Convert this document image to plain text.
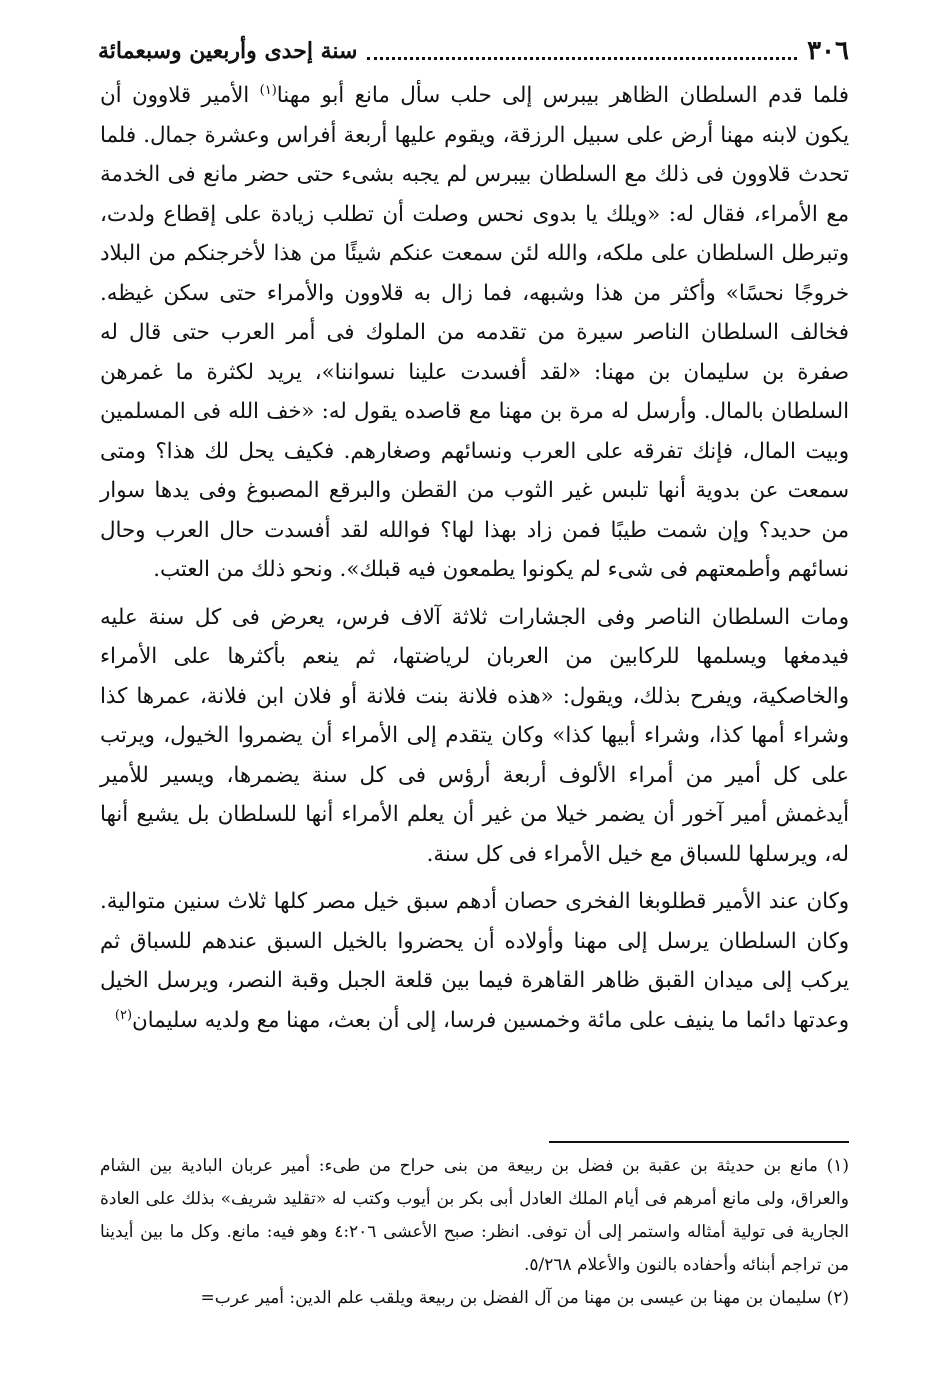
٣٠٦
سنة إحدى وأربعين وسبعمائة

فلما قدم السلطان الظاهر بيبرس إلى حلب سأل مانع أبو مهنا$^{(١)}$ الأمير قلاوون أن يكون لابنه مهنا أرض على سبيل الرزقة، ويقوم عليها أربعة أفراس وعشرة جمال. فلما تحدث قلاوون فى ذلك مع السلطان بيبرس لم يجبه بشىء حتى حضر مانع فى الخدمة مع الأمراء، فقال له: «ويلك يا بدوى نحس وصلت أن تطلب زيادة على إقطاع ولدت، وتبرطل السلطان على ملكه، والله لئن سمعت عنكم شيئًا من هذا لأخرجنكم من البلاد خروجًا نحسًا» وأكثر من هذا وشبهه، فما زال به قلاوون والأمراء حتى سكن غيظه. فخالف السلطان الناصر سيرة من تقدمه من الملوك فى أمر العرب حتى قال له صفرة بن سليمان بن مهنا: «لقد أفسدت علينا نسواننا»، يريد لكثرة ما غمرهن السلطان بالمال. وأرسل له مرة بن مهنا مع قاصده يقول له: «خف الله فى المسلمين وبيت المال، فإنك تفرقه على العرب ونسائهم وصغارهم. فكيف يحل لك هذا؟ ومتى سمعت عن بدوية أنها تلبس غير الثوب من القطن والبرقع المصبوغ وفى يدها سوار من حديد؟ وإن شمت طيبًا فمن زاد بهذا لها؟ فوالله لقد أفسدت حال العرب وحال نسائهم وأطمعتهم فى شىء لم يكونوا يطمعون فيه قبلك». ونحو ذلك من العتب.

ومات السلطان الناصر وفى الجشارات ثلاثة آلاف فرس، يعرض فى كل سنة عليه فيدمغها ويسلمها للركابين من العربان لرياضتها، ثم ينعم بأكثرها على الأمراء والخاصكية، ويفرح بذلك، ويقول: «هذه فلانة بنت فلانة أو فلان ابن فلانة، عمرها كذا وشراء أمها كذا، وشراء أبيها كذا» وكان يتقدم إلى الأمراء أن يضمروا الخيول، ويرتب على كل أمير من أمراء الألوف أربعة أرؤس فى كل سنة يضمرها، ويسير للأمير أيدغمش أمير آخور أن يضمر خيلا من غير أن يعلم الأمراء أنها للسلطان بل يشيع أنها له، ويرسلها للسباق مع خيل الأمراء فى كل سنة.

وكان عند الأمير قطلوبغا الفخرى حصان أدهم سبق خيل مصر كلها ثلاث سنين متوالية. وكان السلطان يرسل إلى مهنا وأولاده أن يحضروا بالخيل السبق عندهم للسباق ثم يركب إلى ميدان القبق ظاهر القاهرة فيما بين قلعة الجبل وقبة النصر، ويرسل الخيل وعدتها دائما ما ينيف على مائة وخمسين فرسا، إلى أن بعث، مهنا مع ولديه سليمان$^{(٢)}$

(١) مانع بن حديثة بن عقبة بن فضل بن ربيعة من بنى حراح من طىء: أمير عربان البادية بين الشام والعراق، ولى مانع أمرهم فى أيام الملك العادل أبى بكر بن أيوب وكتب له «تقليد شريف» بذلك على العادة الجارية فى تولية أمثاله واستمر إلى أن توفى. انظر: صبح الأعشى ٤:٢٠٦ وهو فيه: مانع. وكل ما بين أيدينا من تراجم أبنائه وأحفاده بالنون والأعلام ٥/٢٦٨.

(٢) سليمان بن مهنا بن عيسى بن مهنا من آل الفضل بن ربيعة ويلقب علم الدين: أمير عرب=
